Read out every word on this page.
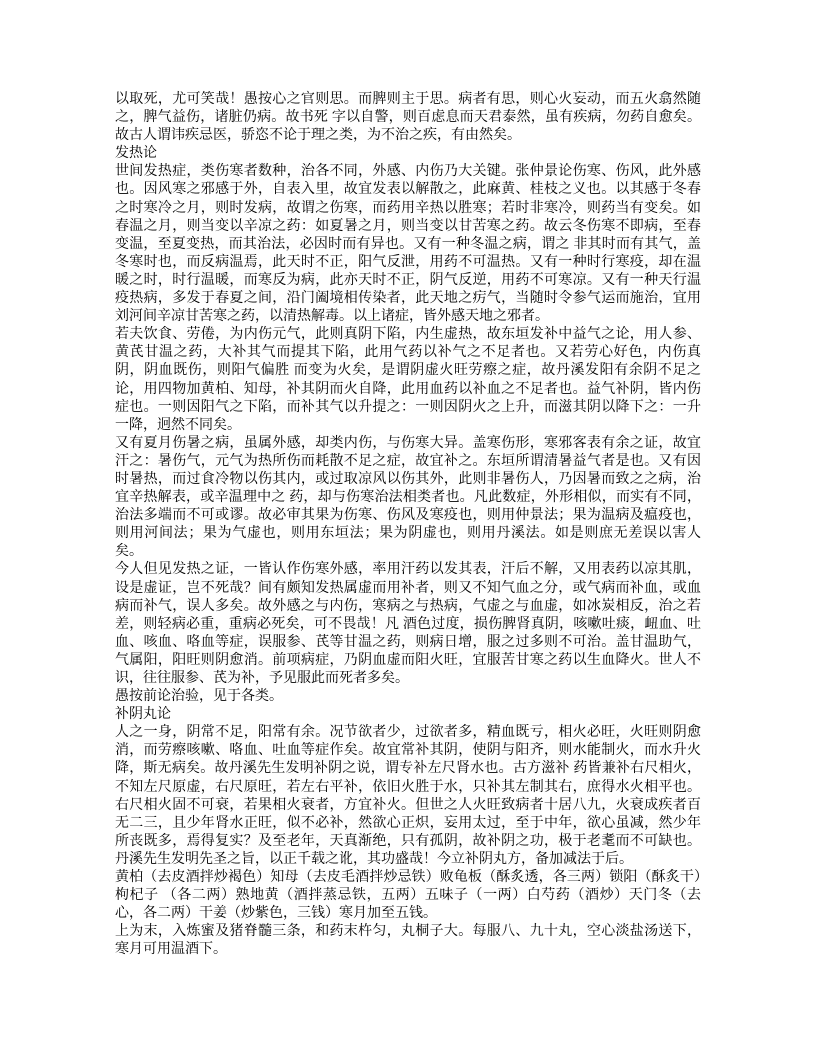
以取死，尤可笑哉！愚按心之官则思。而脾则主于思。病者有思，则心火妄动，而五火翕然随之，脾气益伤，诸脏仍病。故书死 字以自警，则百虑息而天君泰然，虽有疾病，勿药自愈矣。故古人谓讳疾忌医，骄恣不论于理之类，为不治之疾，有由然矣。

发热论

世间发热症，类伤寒者数种，治各不同，外感、内伤乃大关键。张仲景论伤寒、伤风，此外感也。因风寒之邪感于外，自表入里，故宜发表以解散之，此麻黄、桂枝之义也。以其感于冬春之时寒冷之月，则时发病，故谓之伤寒，而药用辛热以胜寒；若时非寒冷，则药当有变矣。如春温之月，则当变以辛凉之药：如夏暑之月，则当变以甘苦寒之药。故云冬伤寒不即病，至春变温，至夏变热，而其治法，必因时而有异也。又有一种冬温之病，谓之 非其时而有其气，盖冬寒时也，而反病温焉，此天时不正，阳气反泄，用药不可温热。又有一种时行寒疫，却在温暖之时，时行温暖，而寒反为病，此亦天时不正，阴气反逆，用药不可寒凉。又有一种天行温疫热病，多发于春夏之间，沿门阖境相传染者，此天地之疠气，当随时令参气运而施治，宜用刘河间辛凉甘苦寒之药，以清热解毒。以上诸症，皆外感天地之邪者。

若夫饮食、劳倦，为内伤元气，此则真阴下陷，内生虚热，故东垣发补中益气之论，用人参、黄芪甘温之药，大补其气而提其下陷，此用气药以补气之不足者也。又若劳心好色，内伤真阴，阴血既伤，则阳气偏胜 而变为火矣，是谓阴虚火旺劳瘵之症，故丹溪发阳有余阴不足之论，用四物加黄柏、知母，补其阴而火自降，此用血药以补血之不足者也。益气补阴，皆内伤症也。一则因阳气之下陷，而补其气以升提之：一则因阴火之上升，而滋其阴以降下之：一升一降，迥然不同矣。

又有夏月伤暑之病，虽属外感，却类内伤，与伤寒大异。盖寒伤形，寒邪客表有余之证，故宜汗之：暑伤气，元气为热所伤而耗散不足之症，故宜补之。东垣所谓清暑益气者是也。又有因时暑热，而过食冷物以伤其内，或过取凉风以伤其外，此则非暑伤人，乃因暑而致之之病，治宜辛热解表，或辛温理中之 药，却与伤寒治法相类者也。凡此数症，外形相似，而实有不同，治法多端而不可或谬。故必审其果为伤寒、伤风及寒疫也，则用仲景法；果为温病及瘟疫也，则用河间法；果为气虚也，则用东垣法；果为阴虚也，则用丹溪法。如是则庶无差误以害人矣。

今人但见发热之证，一皆认作伤寒外感，率用汗药以发其表，汗后不解，又用表药以凉其肌，设是虚证，岂不死哉？间有颇知发热属虚而用补者，则又不知气血之分，或气病而补血，或血病而补气，误人多矣。故外感之与内伤，寒病之与热病，气虚之与血虚，如冰炭相反，治之若差，则轻病必重，重病必死矣，可不畏哉！凡 酒色过度，损伤脾肾真阴，咳嗽吐痰，衄血、吐血、咳血、咯血等症，误服参、芪等甘温之药，则病日增，服之过多则不可治。盖甘温助气，气属阳，阳旺则阴愈消。前项病症，乃阴血虚而阳火旺，宜服苦甘寒之药以生血降火。世人不识，往往服参、芪为补，予见服此而死者多矣。

愚按前论治验，见于各类。

补阴丸论

人之一身，阴常不足，阳常有余。况节欲者少，过欲者多，精血既亏，相火必旺，火旺则阴愈消，而劳瘵咳嗽、咯血、吐血等症作矣。故宜常补其阴，使阴与阳齐，则水能制火，而水升火降，斯无病矣。故丹溪先生发明补阴之说，谓专补左尺肾水也。古方滋补 药皆兼补右尺相火，不知左尺原虚，右尺原旺，若左右平补，依旧火胜于水，只补其左制其右，庶得水火相平也。右尺相火固不可衰，若果相火衰者，方宜补火。但世之人火旺致病者十居八九，火衰成疾者百无二三，且少年肾水正旺，似不必补，然欲心正炽，妄用太过，至于中年，欲心虽减，然少年所丧既多，焉得复实？及至老年，天真渐绝，只有孤阴，故补阴之功，极于老耄而不可缺也。丹溪先生发明先圣之旨，以正千载之讹，其功盛哉！今立补阴丸方，备加减法于后。

黄柏（去皮酒拌炒褐色）知母（去皮毛酒拌炒忌铁）败龟板（酥炙透，各三两）锁阳（酥炙干）枸杞子 （各二两）熟地黄（酒拌蒸忌铁，五两）五味子（一两）白芍药（酒炒）天门冬（去心，各二两）干姜（炒紫色，三钱）寒月加至五钱。

上为末，入炼蜜及猪脊髓三条，和药末杵匀，丸桐子大。每服八、九十丸，空心淡盐汤送下，寒月可用温酒下。
